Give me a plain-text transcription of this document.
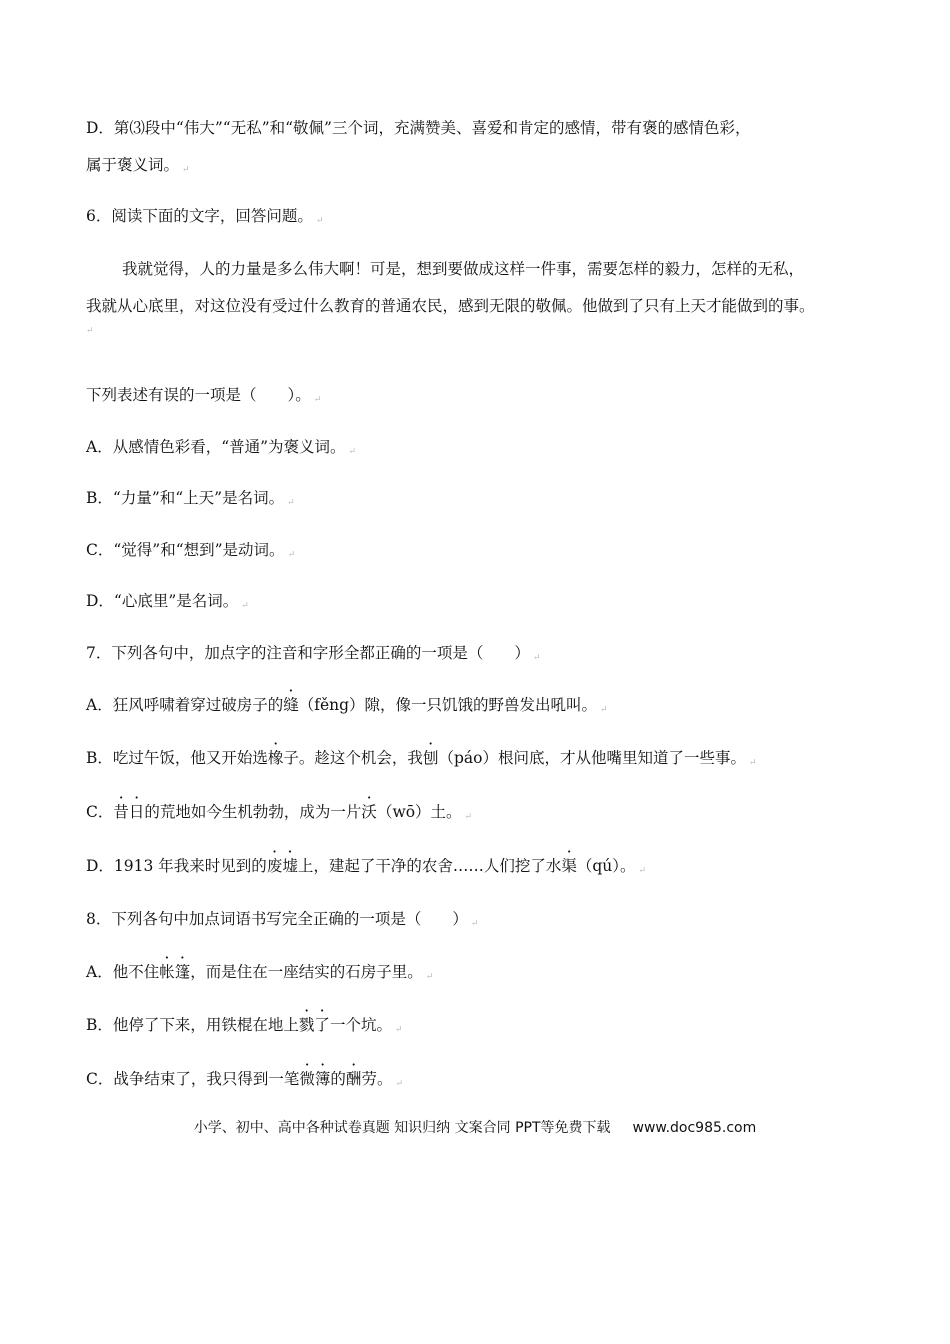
D．第⑶段中“伟大”“无私”和“敬佩”三个词，充满赞美、喜爱和肯定的感情，带有褒的感情色彩，
属于褒义词。 ↵
6．阅读下面的文字，回答问题。 ↵
我就觉得，人的力量是多么伟大啊！可是，想到要做成这样一件事，需要怎样的毅力，怎样的无私，
我就从心底里，对这位没有受过什么教育的普通农民，感到无限的敬佩。他做到了只有上天才能做到的事。
↵
下列表述有误的一项是（　　）。 ↵
A．从感情色彩看，“普通”为褒义词。 ↵
B．“力量”和“上天”是名词。 ↵
C．“觉得”和“想到”是动词。 ↵
D．“心底里”是名词。 ↵
7．下列各句中，加点字的注音和字形全都正确的一项是（　　） ↵
A．狂风呼啸着穿过破房子的缝（fěng）隙，像一只饥饿的野兽发出吼叫。 ↵
B．吃过午饭，他又开始选橡子。趁这个机会，我刨（páo）根问底，才从他嘴里知道了一些事。 ↵
C．昔日的荒地如今生机勃勃，成为一片沃（wō）土。 ↵
D．1913 年我来时见到的废墟上，建起了干净的农舍……人们挖了水渠（qú）。 ↵
8．下列各句中加点词语书写完全正确的一项是（　　） ↵
A．他不住帐篷，而是住在一座结实的石房子里。 ↵
B．他停了下来，用铁棍在地上戮了一个坑。 ↵
C．战争结束了，我只得到一笔微簿的酬劳。 ↵
小学、初中、高中各种试卷真题 知识归纳 文案合同 PPT等免费下载 www.doc985.com
